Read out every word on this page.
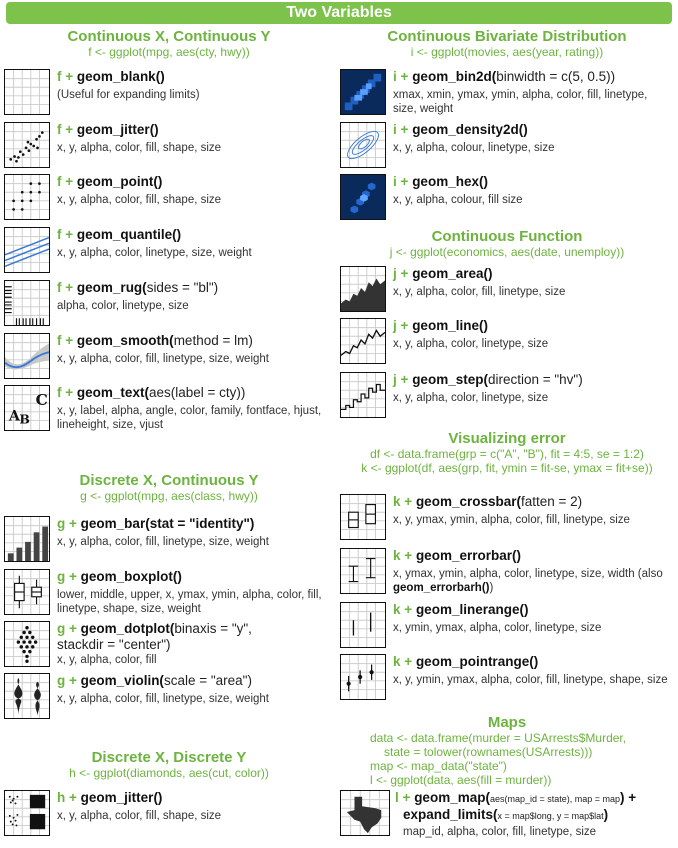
Two Variables
Continuous X, Continuous Y
f <- ggplot(mpg, aes(cty, hwy))
f + geom_blank()
(Useful for expanding limits)
f + geom_jitter()
x, y, alpha, color, fill, shape, size
f + geom_point()
x, y, alpha, color, fill, shape, size
f + geom_quantile()
x, y, alpha, color, linetype, size, weight
f + geom_rug(sides = "bl")
alpha, color, linetype, size
f + geom_smooth(method = lm)
x, y, alpha, color, fill, linetype, size, weight
A B
C f + geom_text(aes(label = cty))
x, y, label, alpha, angle, color, family, fontface, hjust, lineheight, size, vjust
Discrete X, Continuous Y
g <- ggplot(mpg, aes(class, hwy))
g + geom_bar(stat = "identity")
x, y, alpha, color, fill, linetype, size, weight
g + geom_boxplot()
lower, middle, upper, x, ymax, ymin, alpha, color, fill, linetype, shape, size, weight
g + geom_dotplot(binaxis = "y",
stackdir = "center")
x, y, alpha, color, fill
g + geom_violin(scale = "area")
x, y, alpha, color, fill, linetype, size, weight
Discrete X, Discrete Y
h <- ggplot(diamonds, aes(cut, color))
h + geom_jitter()
x, y, alpha, color, fill, shape, size
Continuous Bivariate Distribution
i <- ggplot(movies, aes(year, rating))
i + geom_bin2d(binwidth = c(5, 0.5))
xmax, xmin, ymax, ymin, alpha, color, fill, linetype, size, weight
i + geom_density2d()
x, y, alpha, colour, linetype, size
i + geom_hex()
x, y, alpha, colour, fill size
Continuous Function
j <- ggplot(economics, aes(date, unemploy))
j + geom_area()
x, y, alpha, color, fill, linetype, size
j + geom_line()
x, y, alpha, color, linetype, size
j + geom_step(direction = "hv")
x, y, alpha, color, linetype, size
Visualizing error
df <- data.frame(grp = c("A", "B"), fit = 4:5, se = 1:2)
k <- ggplot(df, aes(grp, fit, ymin = fit-se, ymax = fit+se))
k + geom_crossbar(fatten = 2)
x, y, ymax, ymin, alpha, color, fill, linetype, size
k + geom_errorbar()
x, ymax, ymin, alpha, color, linetype, size, width (also geom_errorbarh())
k + geom_linerange()
x, ymin, ymax, alpha, color, linetype, size
k + geom_pointrange()
x, y, ymin, ymax, alpha, color, fill, linetype, shape, size
Maps
data <- data.frame(murder = USArrests$Murder,
state = tolower(rownames(USArrests)))
map <- map_data("state")
l <- ggplot(data, aes(fill = murder))
l + geom_map(aes(map_id = state), map = map) +
expand_limits(x = map$long, y = map$lat)
map_id, alpha, color, fill, linetype, size
